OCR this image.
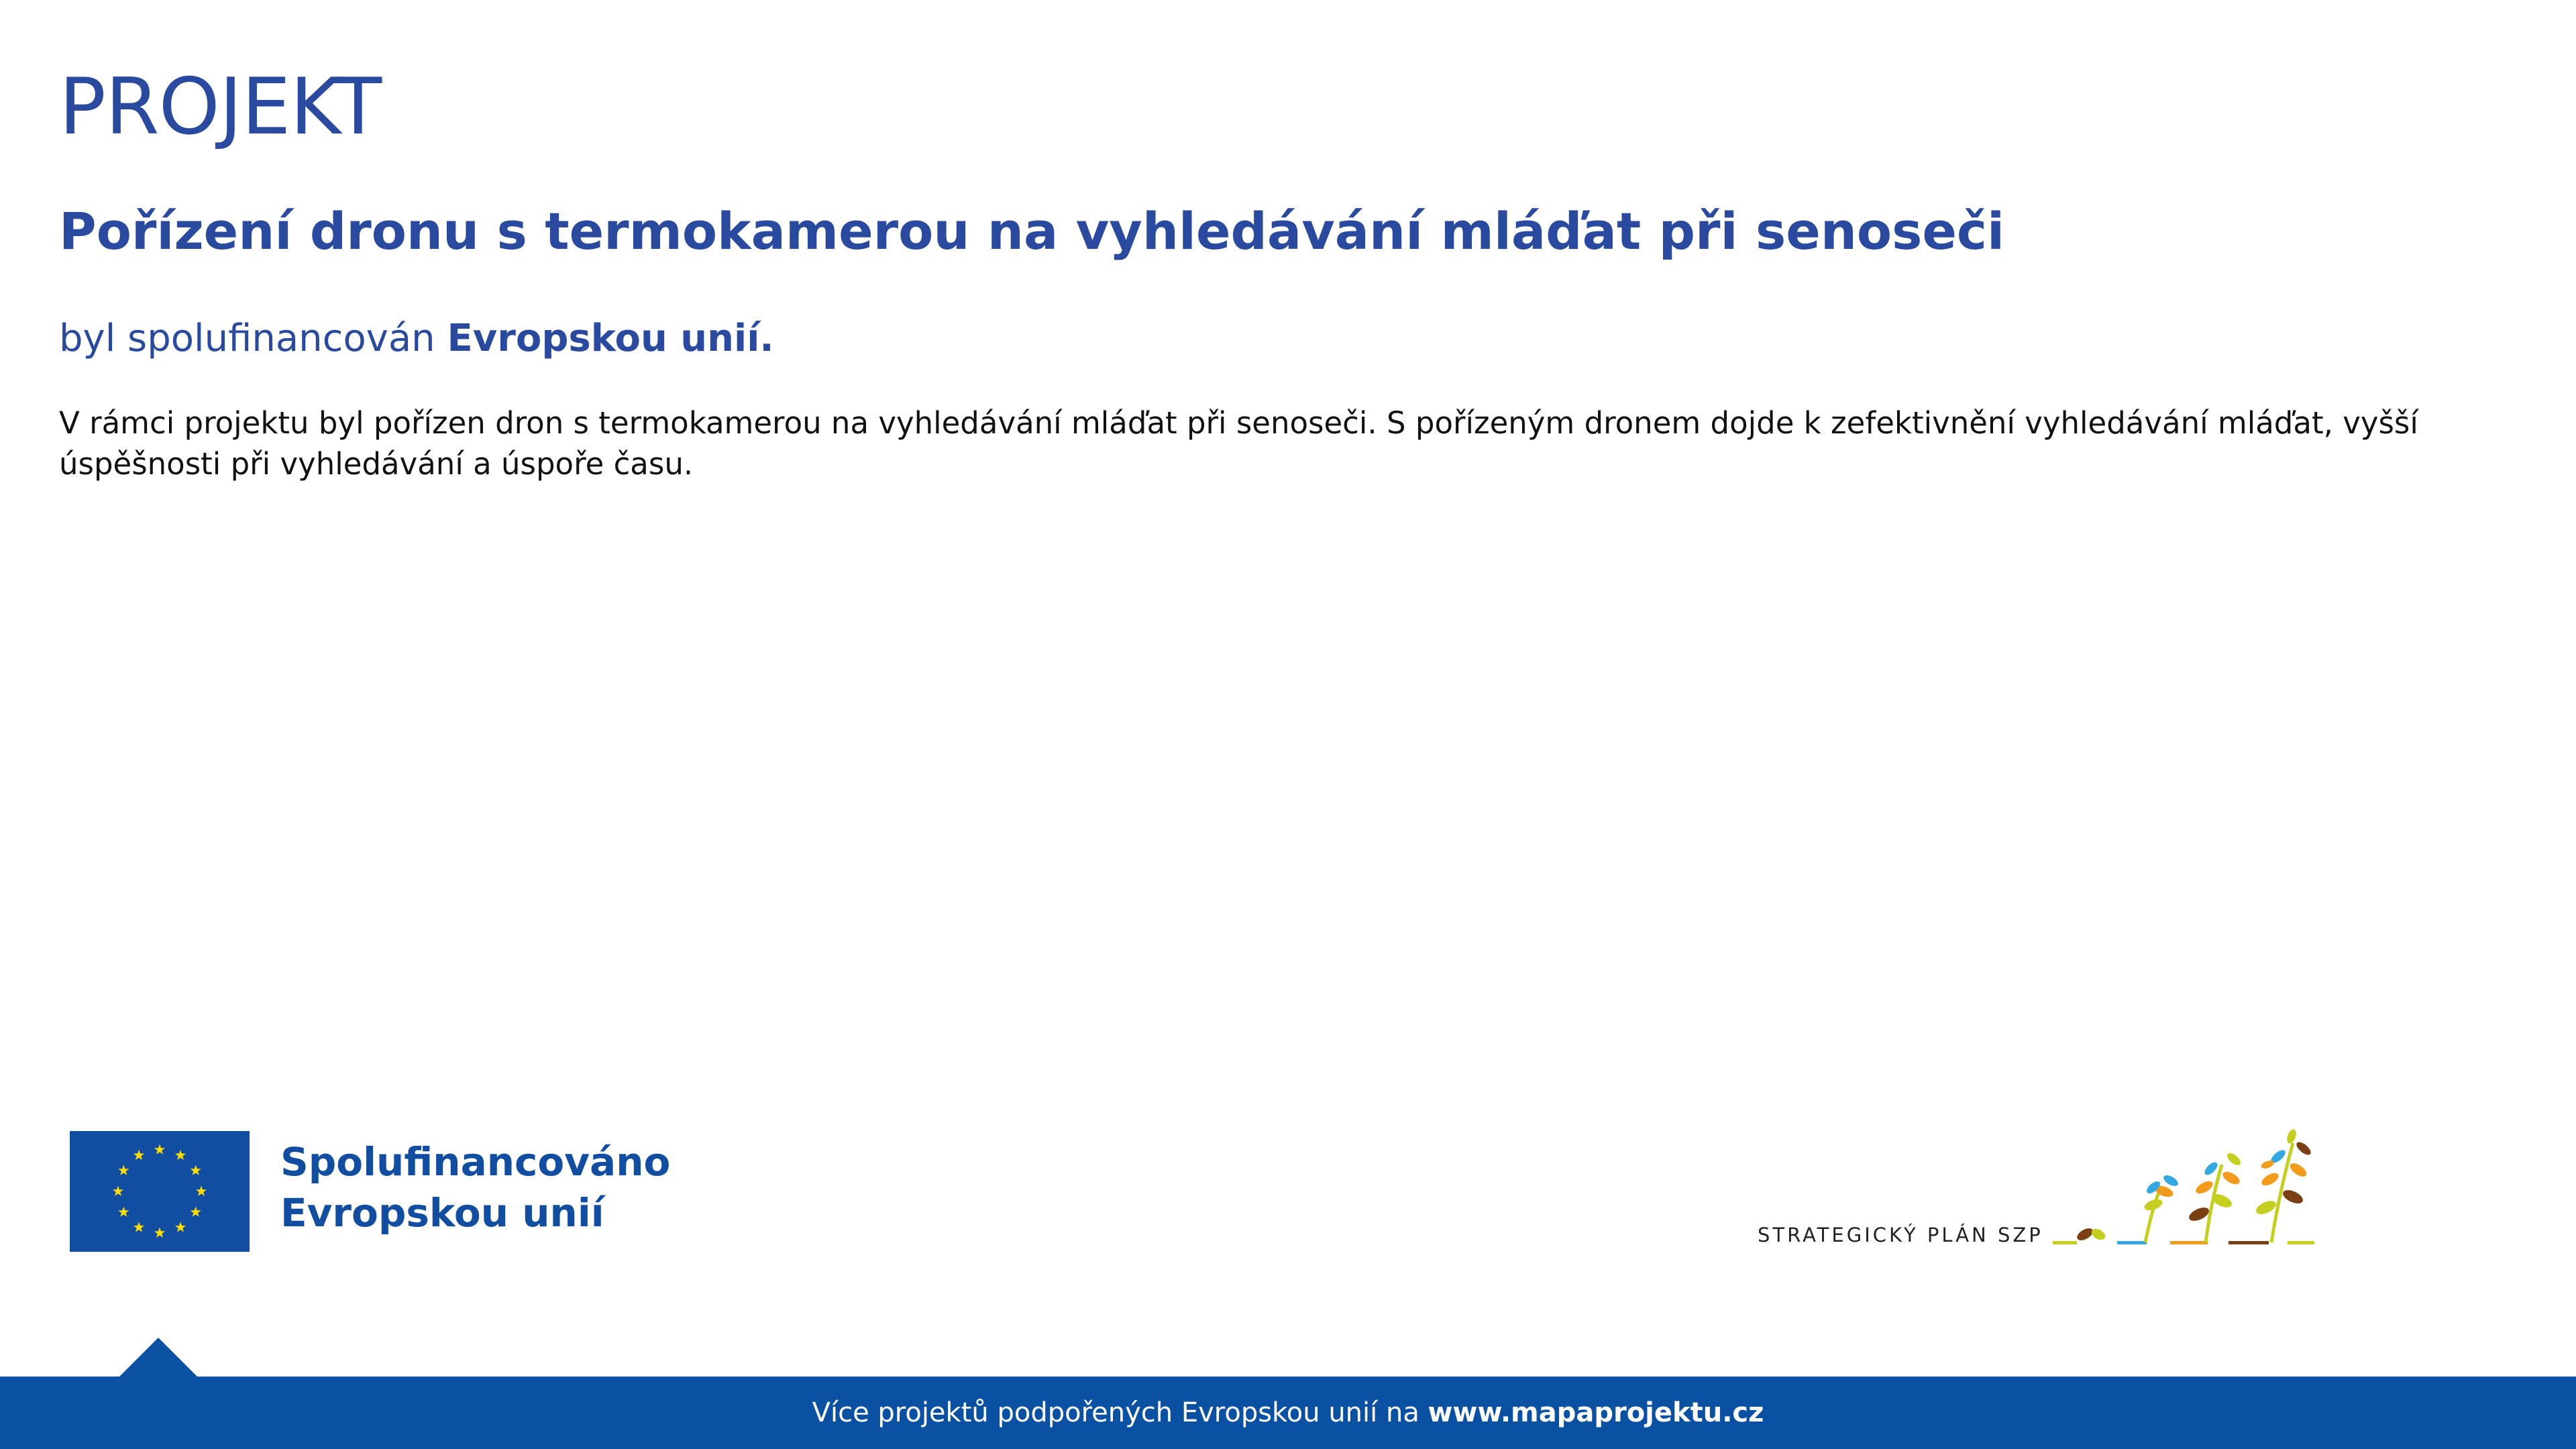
PROJEKT
Pořízení dronu s termokamerou na vyhledávání mláďat při senoseči

byl spolufinancován Evropskou unií.

V rámci projektu byl pořízen dron s termokamerou na vyhledávání mláďat při senoseči. S pořízeným dronem dojde k zefektivnění vyhledávání mláďat, vyšší úspěšnosti při vyhledávání a úspoře času.

Spolufinancováno
Evropskou unií	STRATEGICKÝ PLÁN SZP
Více projektů podpořených Evropskou unií na www.mapaprojektu.cz
